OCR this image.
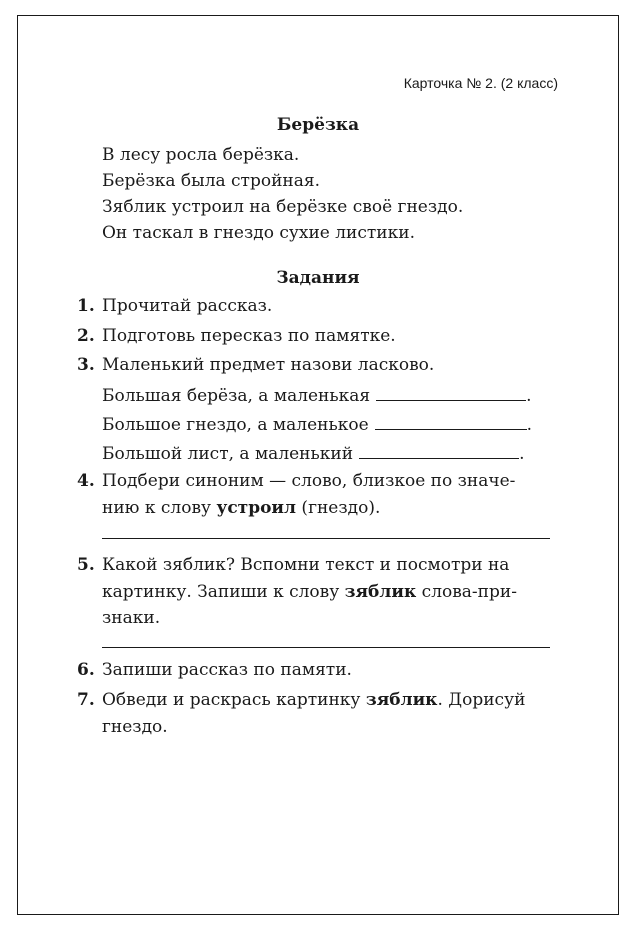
Карточка № 2. (2 класс)
Берёзка
В лесу росла берёзка.
Берёзка была стройная.
Зяблик устроил на берёзке своё гнездо.
Он таскал в гнездо сухие листики.
Задания
1. Прочитай рассказ.
2. Подготовь пересказ по памятке.
3. Маленький предмет назови ласково.
Большая берёза, а маленькая	.
Большое гнездо, а маленькое	.
Большой лист, а маленький	.
4. Подбери синоним — слово, близкое по значе-
нию к слову устроил (гнездо).
5. Какой зяблик? Вспомни текст и посмотри на
картинку. Запиши к слову зяблик слова-при-
знаки.
6. Запиши рассказ по памяти.
7. Обведи и раскрась картинку зяблик. Дорисуй
гнездо.
